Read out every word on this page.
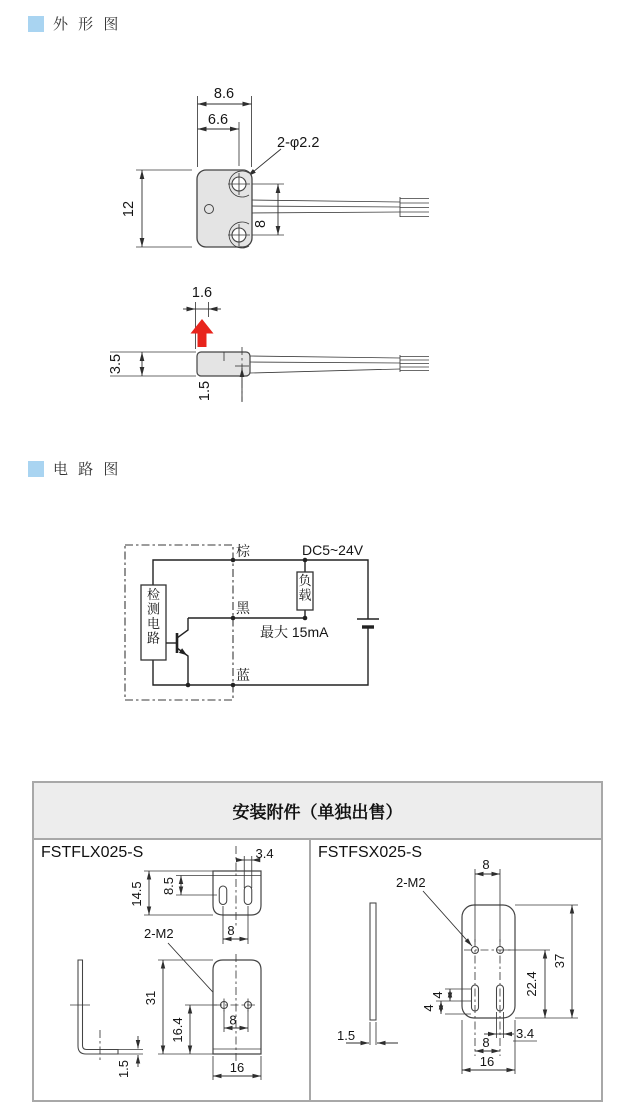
外 形 图
8.6
6.6
2-φ2.2
12
8
1.6
3.5
1.5
电 路 图
检测电路
负载
棕	DC5~24V
黑
最大 15mA
蓝
安装附件（单独出售）
FSTFLX025-S	3.4
8.5
14.5
8
2-M2
31
16.4	8
16
1.5
FSTFSX025-S
2-M2
8
37
22.4
4
4
3.4
8
16
1.5
